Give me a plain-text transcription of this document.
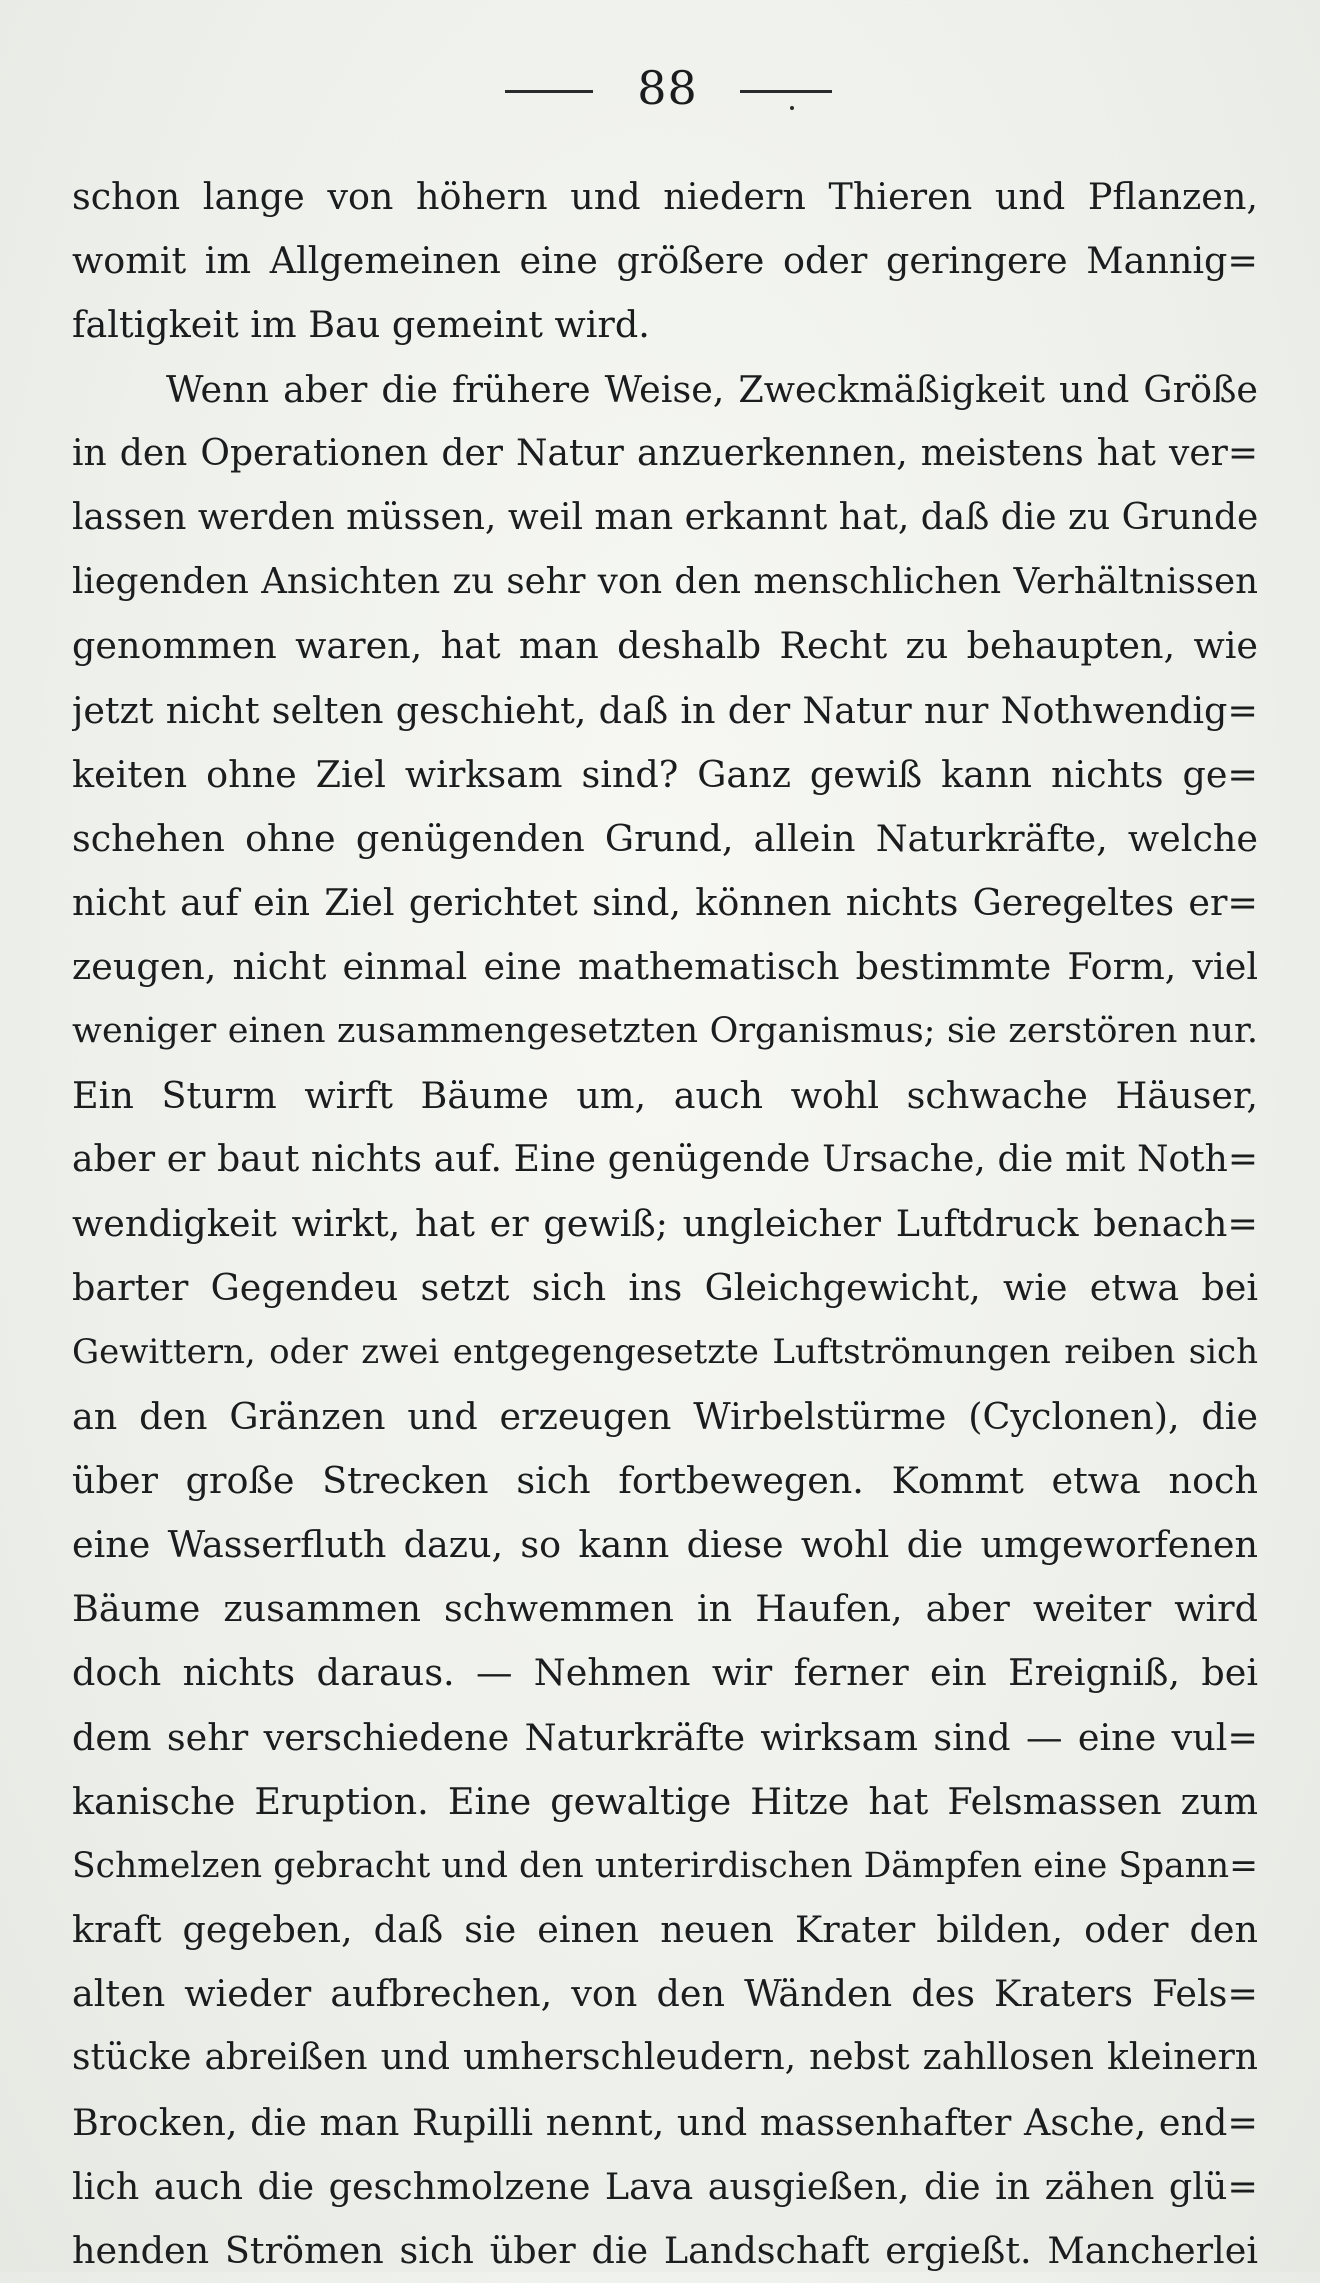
88
schon lange von höhern und niedern Thieren und Pflanzen,
womit im Allgemeinen eine größere oder geringere Mannig=
faltigkeit im Bau gemeint wird.
Wenn aber die frühere Weise, Zweckmäßigkeit und Größe
in den Operationen der Natur anzuerkennen, meistens hat ver=
lassen werden müssen, weil man erkannt hat, daß die zu Grunde
liegenden Ansichten zu sehr von den menschlichen Verhältnissen
genommen waren, hat man deshalb Recht zu behaupten, wie
jetzt nicht selten geschieht, daß in der Natur nur Nothwendig=
keiten ohne Ziel wirksam sind? Ganz gewiß kann nichts ge=
schehen ohne genügenden Grund, allein Naturkräfte, welche
nicht auf ein Ziel gerichtet sind, können nichts Geregeltes er=
zeugen, nicht einmal eine mathematisch bestimmte Form, viel
weniger einen zusammengesetzten Organismus; sie zerstören nur.
Ein Sturm wirft Bäume um, auch wohl schwache Häuser,
aber er baut nichts auf. Eine genügende Ursache, die mit Noth=
wendigkeit wirkt, hat er gewiß; ungleicher Luftdruck benach=
barter Gegendeu setzt sich ins Gleichgewicht, wie etwa bei
Gewittern, oder zwei entgegengesetzte Luftströmungen reiben sich
an den Gränzen und erzeugen Wirbelstürme (Cyclonen), die
über große Strecken sich fortbewegen. Kommt etwa noch
eine Wasserfluth dazu, so kann diese wohl die umgeworfenen
Bäume zusammen schwemmen in Haufen, aber weiter wird
doch nichts daraus. — Nehmen wir ferner ein Ereigniß, bei
dem sehr verschiedene Naturkräfte wirksam sind — eine vul=
kanische Eruption. Eine gewaltige Hitze hat Felsmassen zum
Schmelzen gebracht und den unterirdischen Dämpfen eine Spann=
kraft gegeben, daß sie einen neuen Krater bilden, oder den
alten wieder aufbrechen, von den Wänden des Kraters Fels=
stücke abreißen und umherschleudern, nebst zahllosen kleinern
Brocken, die man Rupilli nennt, und massenhafter Asche, end=
lich auch die geschmolzene Lava ausgießen, die in zähen glü=
henden Strömen sich über die Landschaft ergießt. Mancherlei
